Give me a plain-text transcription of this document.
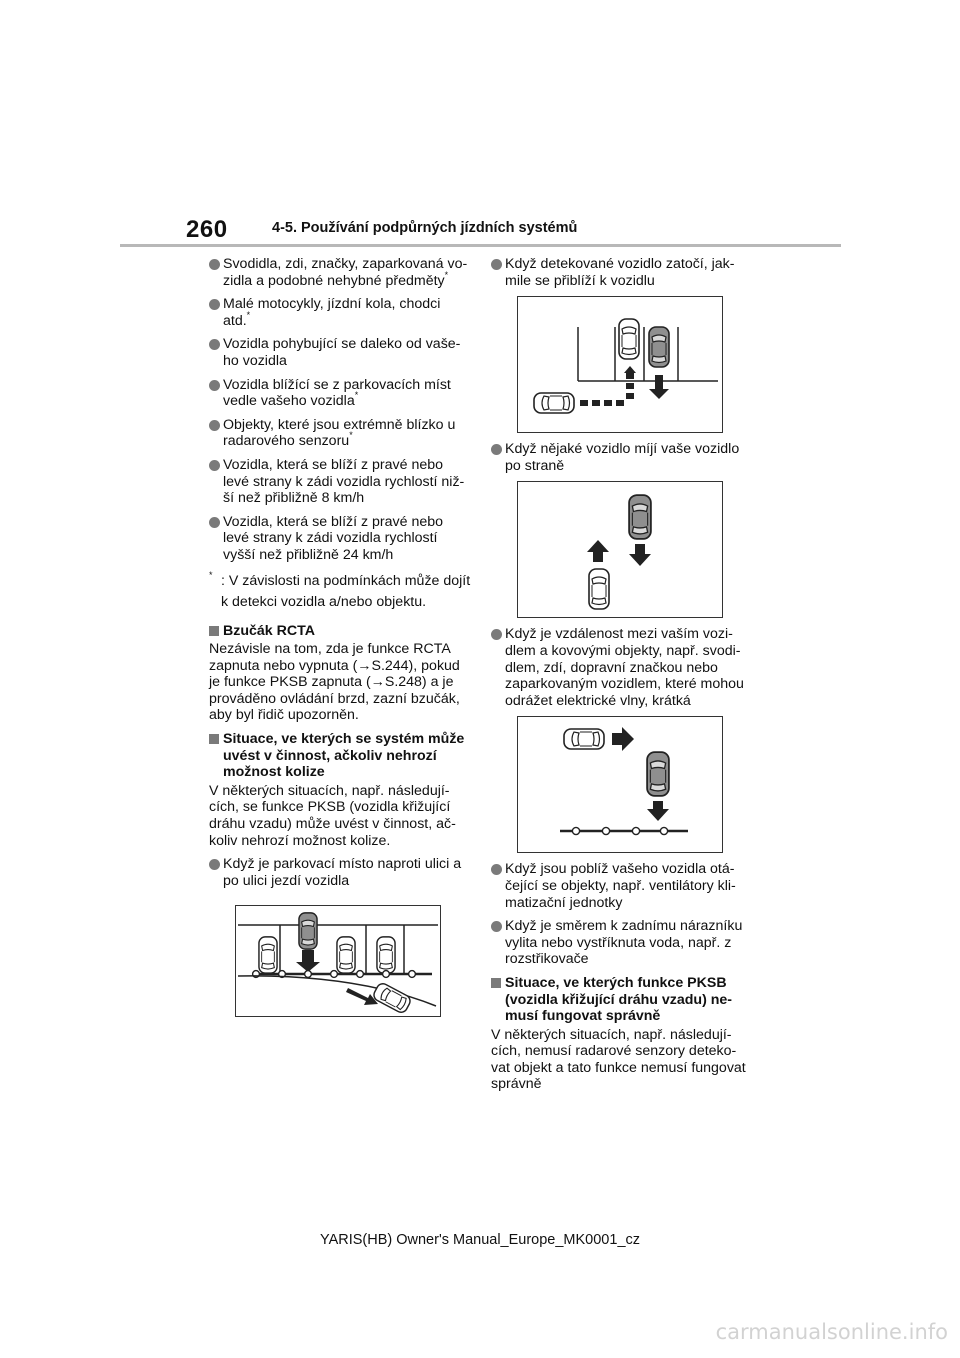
260	4-5. Používání podpůrných jízdních systémů
Svodidla, zdi, značky, zaparkovaná vo-zidla a podobné nehybné předměty*
Malé motocykly, jízdní kola, chodci atd.*
Vozidla pohybující se daleko od vaše-ho vozidla
Vozidla blížící se z parkovacích míst vedle vašeho vozidla*
Objekty, které jsou extrémně blízko u radarového senzoru*
Vozidla, která se blíží z pravé nebo levé strany k zádi vozidla rychlostí niž-ší než přibližně 8 km/h
Vozidla, která se blíží z pravé nebo levé strany k zádi vozidla rychlostí vyšší než přibližně 24 km/h
* : V závislosti na podmínkách může dojít k detekci vozidla a/nebo objektu.
Bzučák RCTA
Nezávisle na tom, zda je funkce RCTA zapnuta nebo vypnuta (→S.244), pokud je funkce PKSB zapnuta (→S.248) a je prováděno ovládání brzd, zazní bzučák, aby byl řidič upozorněn.
Situace, ve kterých se systém může uvést v činnost, ačkoliv nehrozí možnost kolize
V některých situacích, např. následují-cích, se funkce PKSB (vozidla křižující dráhu vzadu) může uvést v činnost, ač-koliv nehrozí možnost kolize.
Když je parkovací místo naproti ulici a po ulici jezdí vozidla
Když detekované vozidlo zatočí, jak-mile se přiblíží k vozidlu
Když nějaké vozidlo míjí vaše vozidlo po straně
Když je vzdálenost mezi vaším vozi-dlem a kovovými objekty, např. svodi-dlem, zdí, dopravní značkou nebo zaparkovaným vozidlem, které mohou odrážet elektrické vlny, krátká
Když jsou poblíž vašeho vozidla otá-čející se objekty, např. ventilátory kli-matizační jednotky
Když je směrem k zadnímu nárazníku vylita nebo vystříknuta voda, např. z rozstřikovače
Situace, ve kterých funkce PKSB (vozidla křižující dráhu vzadu) ne-musí fungovat správně
V některých situacích, např. následují-cích, nemusí radarové senzory deteko-vat objekt a tato funkce nemusí fungovat správně
YARIS(HB) Owner's Manual_Europe_MK0001_cz
carmanualsonline.info
